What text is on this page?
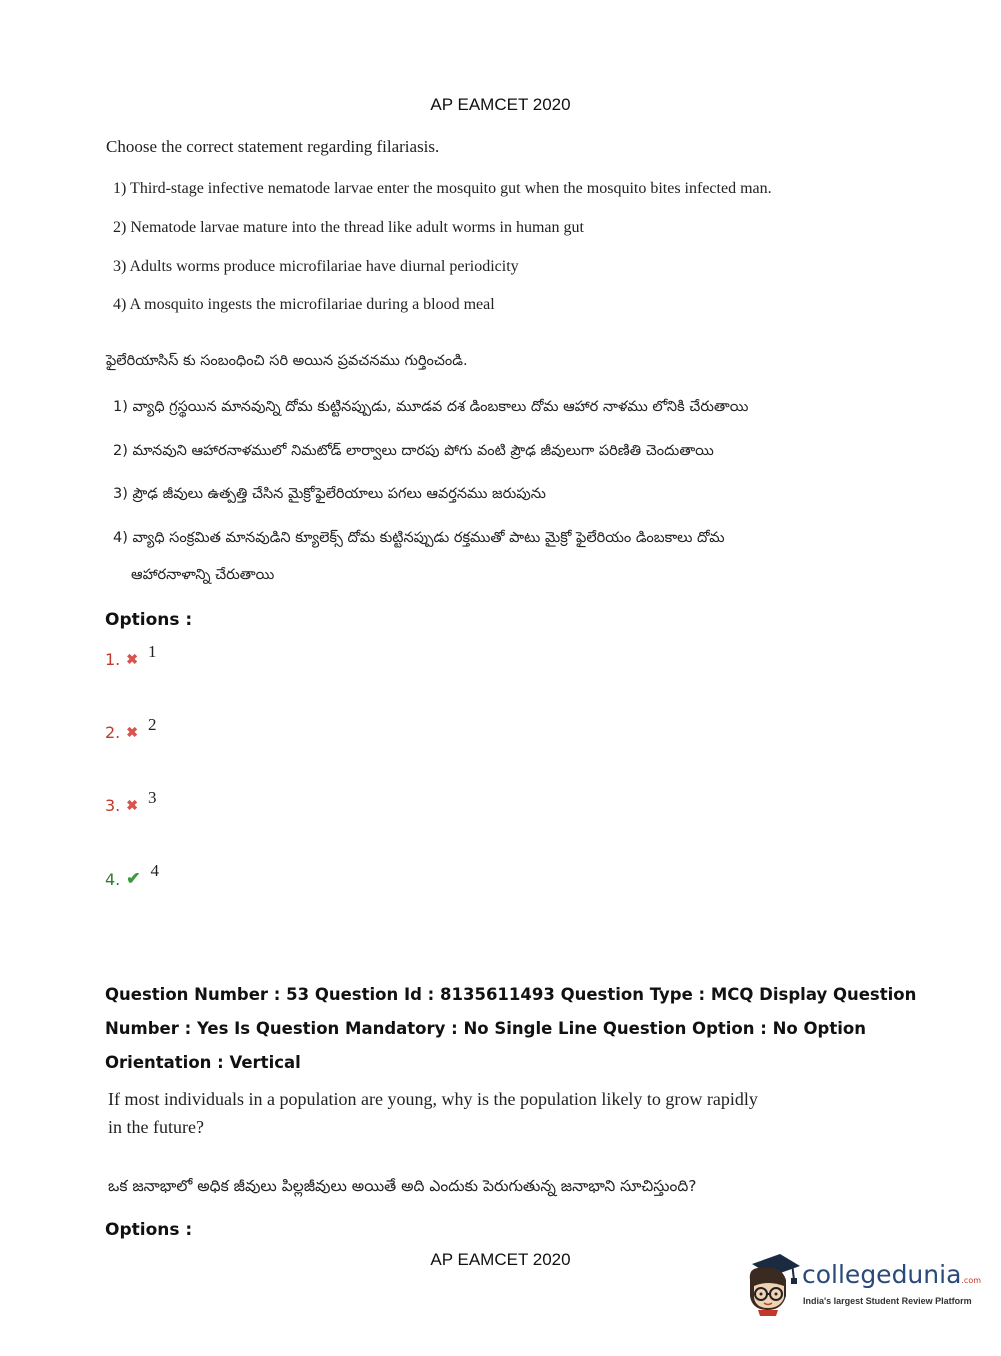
AP EAMCET 2020
Choose the correct statement regarding filariasis.
1) Third-stage infective nematode larvae enter the mosquito gut when the mosquito bites infected man.
2) Nematode larvae mature into the thread like adult worms in human gut
3) Adults worms produce microfilariae have diurnal periodicity
4) A mosquito ingests the microfilariae during a blood meal
ఫైలేరియాసిస్ కు సంబంధించి సరి అయిన ప్రవచనము గుర్తించండి.
1) వ్యాధి గ్రస్థయిన మానవున్ని దోమ కుట్టినప్పుడు, మూడవ దశ డింబకాలు దోమ ఆహార నాళము లోనికి చేరుతాయి
2) మానవుని ఆహారనాళములో నిమటోడ్ లార్వాలు దారపు పోగు వంటి ప్రౌఢ జీవులుగా పరిణితి చెందుతాయి
3) ప్రౌఢ జీవులు ఉత్పత్తి చేసిన మైక్రోఫైలేరియాలు పగలు ఆవర్తనము జరుపును
4) వ్యాధి సంక్రమిత మానవుడిని క్యూలెక్స్ దోమ కుట్టినప్పుడు రక్తముతో పాటు మైక్రో ఫైలేరియం డింబకాలు దోమ
ఆహారనాళాన్ని చేరుతాయి
Options :
1. ✖ 1
2. ✖ 2
3. ✖ 3
4. ✔ 4
Question Number : 53 Question Id : 8135611493 Question Type : MCQ Display Question
Number : Yes Is Question Mandatory : No Single Line Question Option : No Option
Orientation : Vertical
If most individuals in a population are young, why is the population likely to grow rapidly
in the future?
ఒక జనాభాలో అధిక జీవులు పిల్లజీవులు అయితే అది ఎందుకు పెరుగుతున్న జనాభాని సూచిస్తుంది?
Options :
AP EAMCET 2020
collegedunia.com
India's largest Student Review Platform
